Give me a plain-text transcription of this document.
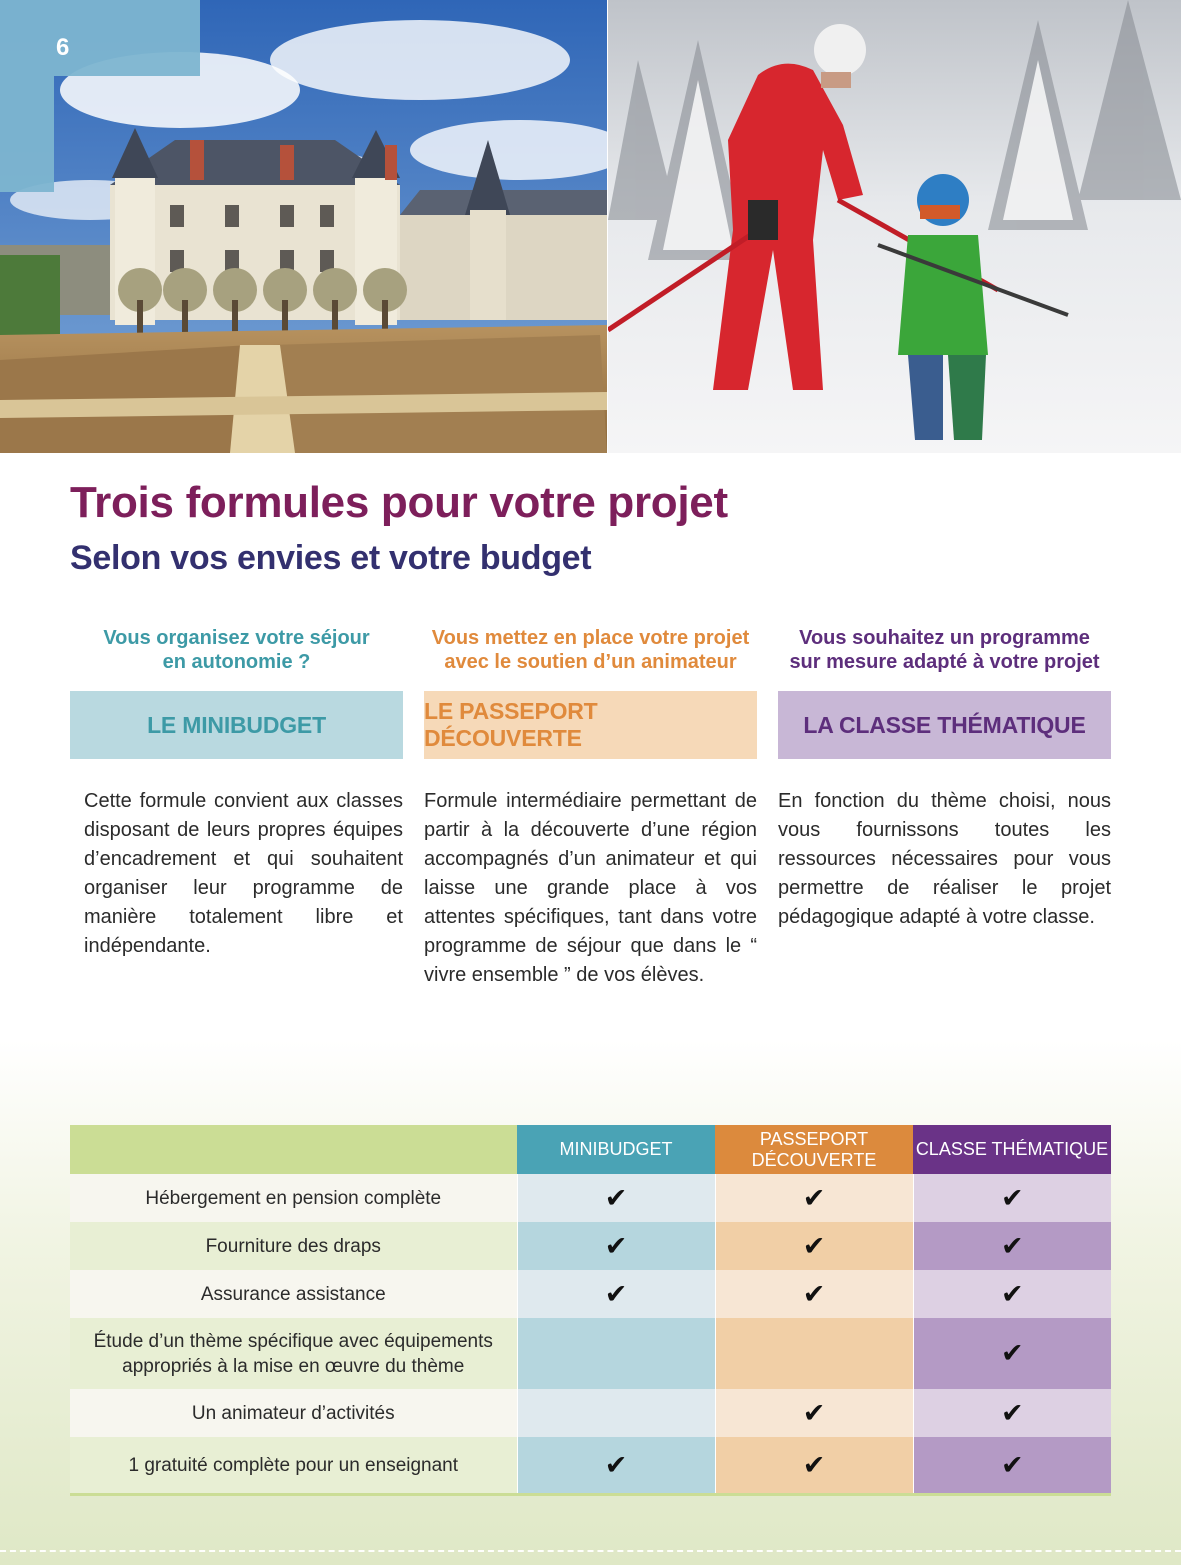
6
Trois formules pour votre projet
Selon vos envies et votre budget

Vous organisez votre séjour
en autonomie ?

LE MINIBUDGET

Cette formule convient aux classes disposant de leurs propres équipes d’encadrement et qui souhaitent organiser leur programme de manière totalement libre et indépendante.

Vous mettez en place votre projet
avec le soutien d’un animateur

LE PASSEPORT DÉCOUVERTE

Formule intermédiaire permettant de partir à la découverte d’une région accompagnés d’un animateur et qui laisse une grande place à vos attentes spécifiques, tant dans votre programme de séjour que dans le “ vivre ensemble ” de vos élèves.

Vous souhaitez un programme
sur mesure adapté à votre projet

LA CLASSE THÉMATIQUE

En fonction du thème choisi, nous vous fournissons toutes les ressources nécessaires pour vous permettre de réaliser le projet pédagogique adapté à votre classe.

	MINIBUDGET	PASSEPORT DÉCOUVERTE	CLASSE THÉMATIQUE
Hébergement en pension complète	✔	✔	✔
Fourniture des draps	✔	✔	✔
Assurance assistance	✔	✔	✔
Étude d’un thème spécifique avec équipements
appropriés à la mise en œuvre du thème			✔
Un animateur d’activités		✔	✔
1 gratuité complète pour un enseignant	✔	✔	✔
